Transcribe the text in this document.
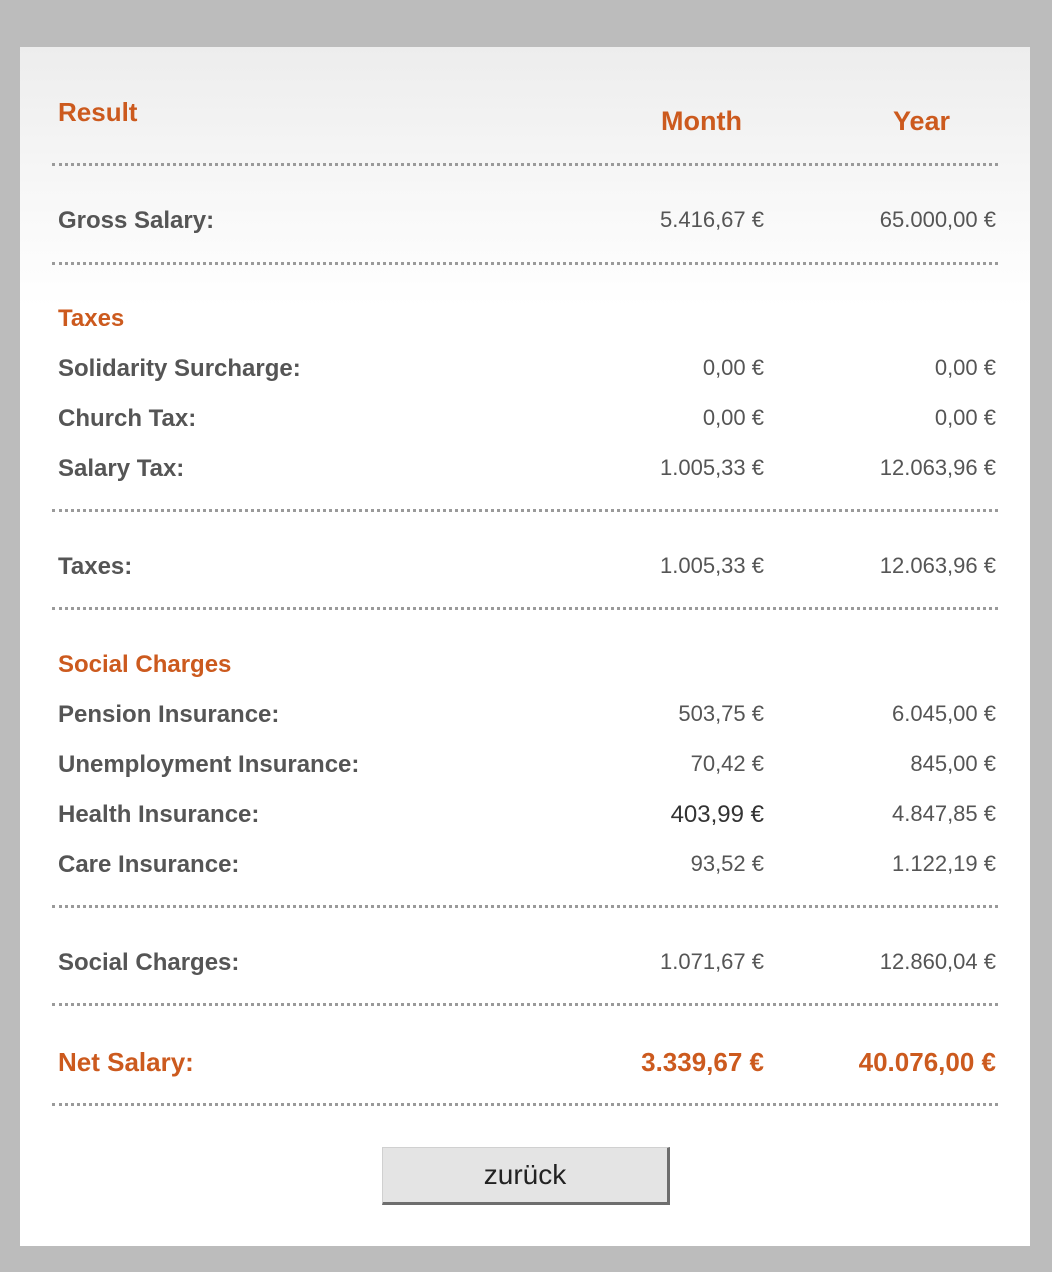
Result	Month	Year
Gross Salary:	5.416,67 €	65.000,00 €
Taxes
Solidarity Surcharge:	0,00 €	0,00 €
Church Tax:	0,00 €	0,00 €
Salary Tax:	1.005,33 €	12.063,96 €
Taxes:	1.005,33 €	12.063,96 €
Social Charges
Pension Insurance:	503,75 €	6.045,00 €
Unemployment Insurance:	70,42 €	845,00 €
Health Insurance:	403,99 €	4.847,85 €
Care Insurance:	93,52 €	1.122,19 €
Social Charges:	1.071,67 €	12.860,04 €
Net Salary:	3.339,67 €	40.076,00 €
zurück
